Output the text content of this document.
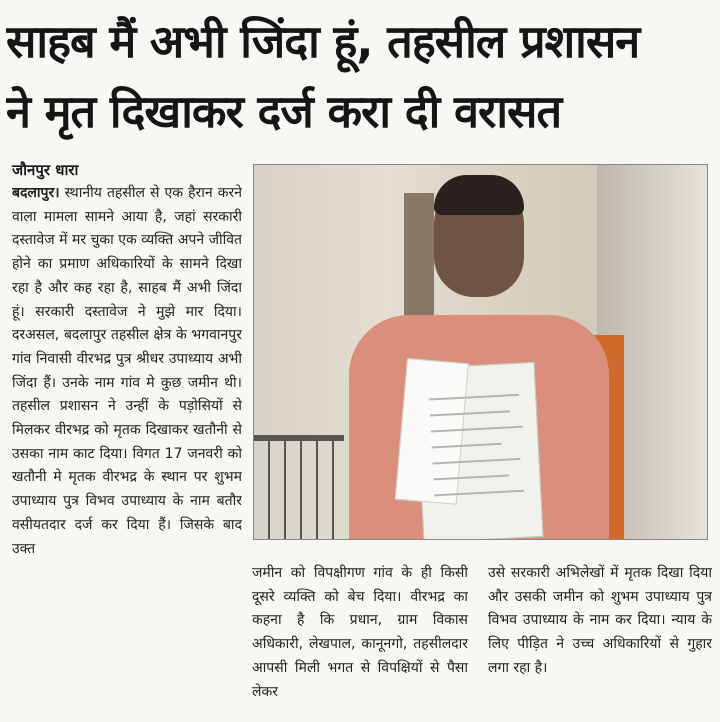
साहब मैं अभी जिंदा हूं, तहसील प्रशासन
ने मृत दिखाकर दर्ज करा दी वरासत
जौनपुर धारा
बदलापुर। स्थानीय तहसील से एक हैरान करने वाला मामला सामने आया है, जहां सरकारी दस्तावेज में मर चुका एक व्यक्ति अपने जीवित होने का प्रमाण अधिकारियों के सामने दिखा रहा है और कह रहा है, साहब मैं अभी जिंदा हूं। सरकारी दस्तावेज ने मुझे मार दिया। दरअसल, बदलापुर तहसील क्षेत्र के भगवानपुर गांव निवासी वीरभद्र पुत्र श्रीधर उपाध्याय अभी जिंदा हैं। उनके नाम गांव मे कुछ जमीन थी। तहसील प्रशासन ने उन्हीं के पड़ोसियों से मिलकर वीरभद्र को मृतक दिखाकर खतौनी से उसका नाम काट दिया। विगत 17 जनवरी को खतौनी मे मृतक वीरभद्र के स्थान पर शुभम उपाध्याय पुत्र विभव उपाध्याय के नाम बतौर वसीयतदार दर्ज कर दिया हैं। जिसके बाद उक्त
जमीन को विपक्षीगण गांव के ही किसी दूसरे व्यक्ति को बेच दिया। वीरभद्र का कहना है कि प्रधान, ग्राम विकास अधिकारी, लेखपाल, कानूनगो, तहसीलदार आपसी मिली भगत से विपक्षियों से पैसा लेकर
उसे सरकारी अभिलेखों में मृतक दिखा दिया और उसकी जमीन को शुभम उपाध्याय पुत्र विभव उपाध्याय के नाम कर दिया। न्याय के लिए पीड़ित ने उच्च अधिकारियों से गुहार लगा रहा है।
